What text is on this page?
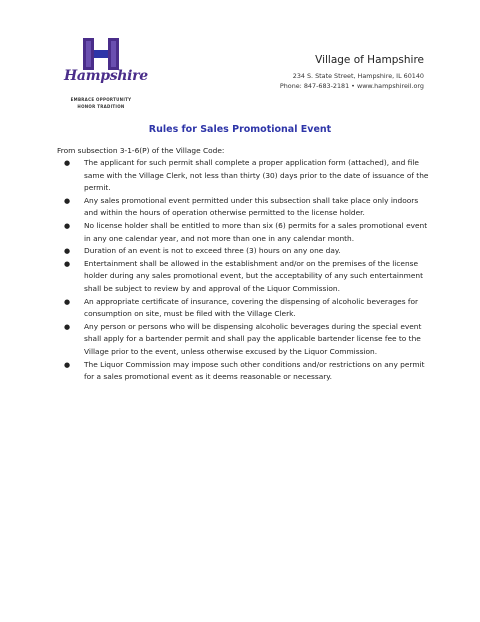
Hampshire
EMBRACE OPPORTUNITY
HONOR TRADITION
Village of Hampshire
234 S. State Street, Hampshire, IL 60140
Phone: 847-683-2181 • www.hampshireil.org
Rules for Sales Promotional Event
From subsection 3-1-6(P) of the Village Code:
● The applicant for such permit shall complete a proper application form (attached), and file same with the Village Clerk, not less than thirty (30) days prior to the date of issuance of the permit.
● Any sales promotional event permitted under this subsection shall take place only indoors and within the hours of operation otherwise permitted to the license holder.
● No license holder shall be entitled to more than six (6) permits for a sales promotional event in any one calendar year, and not more than one in any calendar month.
● Duration of an event is not to exceed three (3) hours on any one day.
● Entertainment shall be allowed in the establishment and/or on the premises of the license holder during any sales promotional event, but the acceptability of any such entertainment shall be subject to review by and approval of the Liquor Commission.
● An appropriate certificate of insurance, covering the dispensing of alcoholic beverages for consumption on site, must be filed with the Village Clerk.
● Any person or persons who will be dispensing alcoholic beverages during the special event shall apply for a bartender permit and shall pay the applicable bartender license fee to the Village prior to the event, unless otherwise excused by the Liquor Commission.
● The Liquor Commission may impose such other conditions and/or restrictions on any permit for a sales promotional event as it deems reasonable or necessary.
